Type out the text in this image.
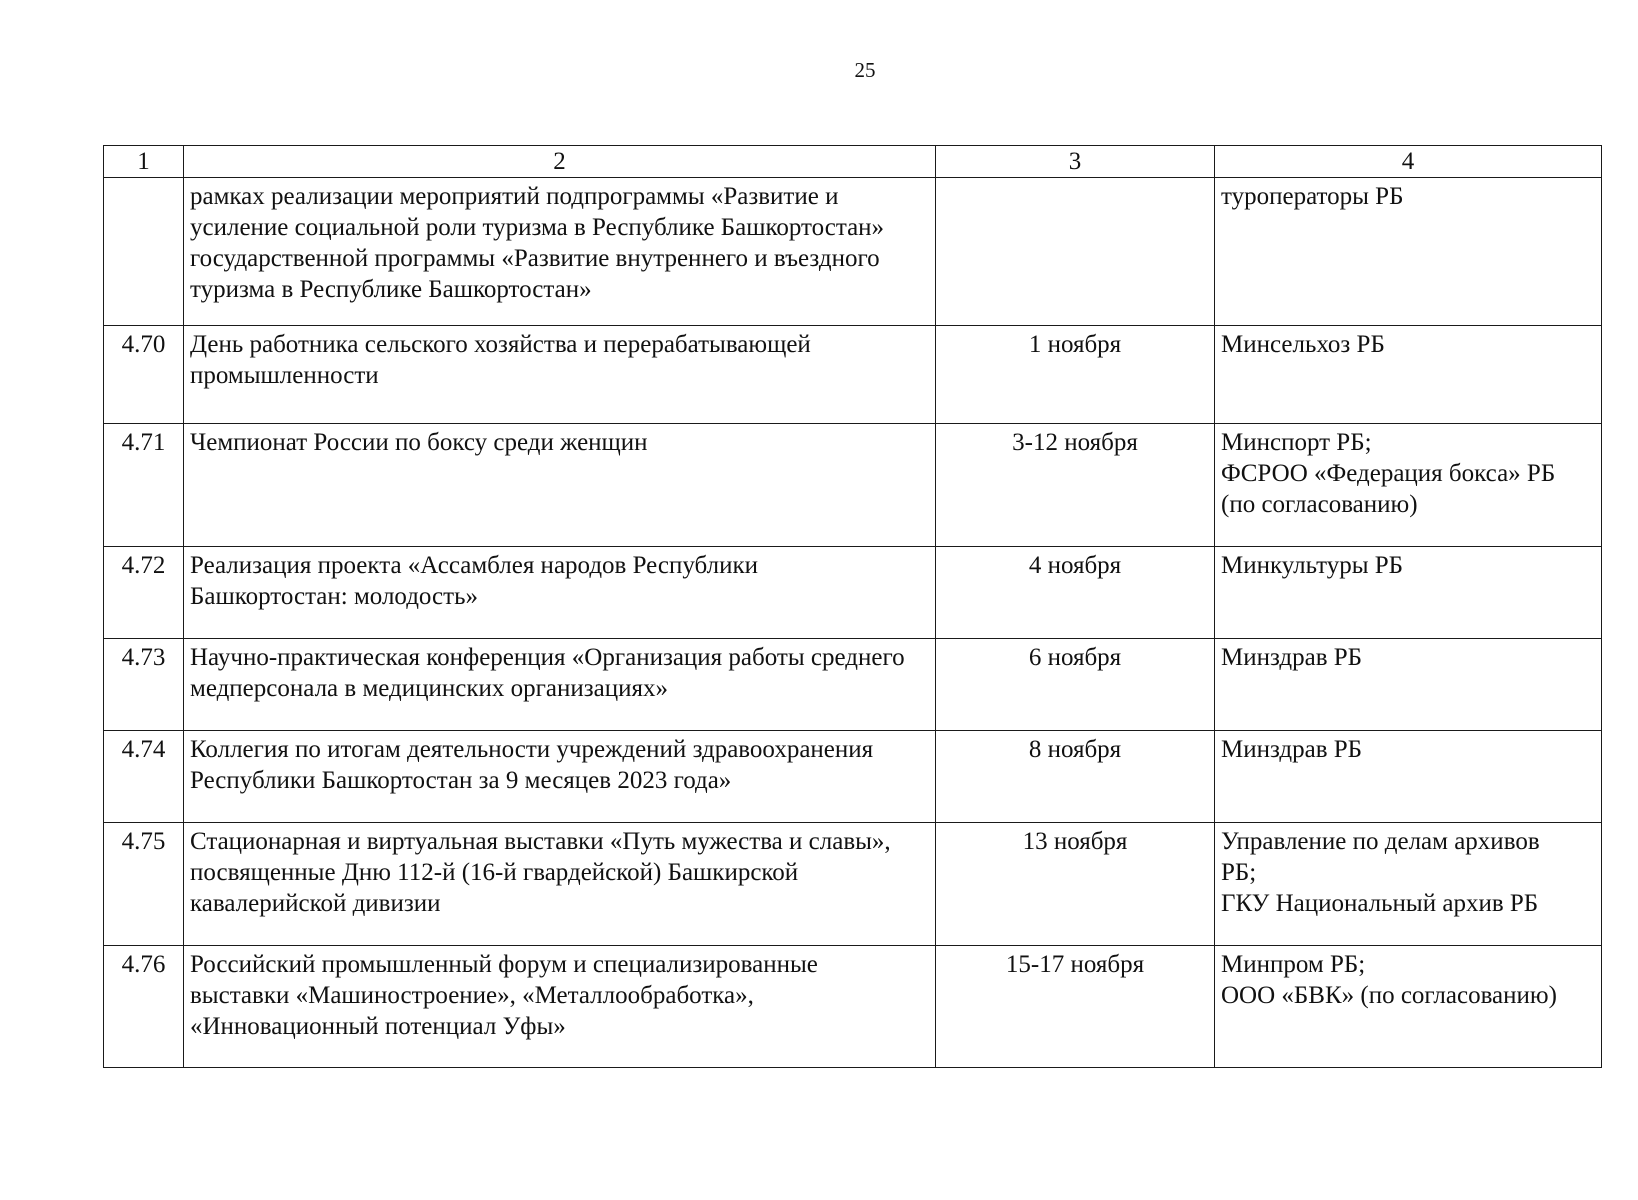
25
1	2	3	4

	рамках реализации мероприятий подпрограммы «Развитие и
усиление социальной роли туризма в Республике Башкортостан»
государственной программы «Развитие внутреннего и въездного
туризма в Республике Башкортостан»		туроператоры РБ

4.70	День работника сельского хозяйства и перерабатывающей
промышленности	1 ноября	Минсельхоз РБ

4.71	Чемпионат России по боксу среди женщин	3-12 ноября	Минспорт РБ;
ФСРОО «Федерация бокса» РБ
(по согласованию)

4.72	Реализация проекта «Ассамблея народов Республики
Башкортостан: молодость»	4 ноября	Минкультуры РБ

4.73	Научно-практическая конференция «Организация работы среднего
медперсонала в медицинских организациях»	6 ноября	Минздрав РБ

4.74	Коллегия по итогам деятельности учреждений здравоохранения
Республики Башкортостан за 9 месяцев 2023 года»	8 ноября	Минздрав РБ

4.75	Стационарная и виртуальная выставки «Путь мужества и славы»,
посвященные Дню 112-й (16-й гвардейской) Башкирской
кавалерийской дивизии	13 ноября	Управление по делам архивов
РБ;
ГКУ Национальный архив РБ

4.76	Российский промышленный форум и специализированные
выставки «Машиностроение», «Металлообработка»,
«Инновационный потенциал Уфы»	15-17 ноября	Минпром РБ;
ООО «БВК» (по согласованию)
